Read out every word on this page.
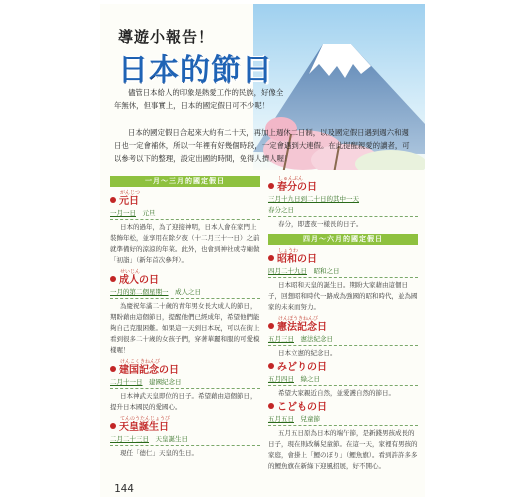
導遊小報告！
日本的節日

儘管日本給人的印象是熱愛工作的民族，好像全年無休，但事實上，日本的國定假日可不少呢！

日本的國定假日合起來大約有二十天，再加上週休二日制，以及國定假日遇到週六和週日也一定會補休，所以一年裡有好幾個時段，一定會遇到大連假。在此提醒親愛的讀者，可以參考以下的整理，設定出國的時間，免得人擠人喔！

一月～三月的國定假日
がんじつ
元日
一月一日　 元旦
日本的過年，為了迎接神明，日本人會在家門上裝飾年松，並享用在除夕夜（十二月三十一日）之前就準備好的涼涼的年菜。此外，也會到神社或寺廟做「初詣」（新年首次參拜）。
せいじん
成人の日
一月的第二個星期一　 成人之日
為慶祝年滿二十歲的青年男女長大成人的節日，期盼藉由這個節日，提醒他們已經成年，希望他們能夠自己克服困難。如果這一天到日本玩，可以在街上看到很多二十歲的女孩子們，穿著華麗和服的可愛模樣喔！
けんこくきねんび
建国記念の日
二月十一日　 建國紀念日
日本神武天皇即位的日子。希望藉由這個節日，提升日本國民的愛國心。
てんのうたんじょうび
天皇誕生日
二月二十三日　 天皇誕生日
現任「德仁」天皇的生日。
しゅんぶん
春分の日
三月十九日到二十日的其中一天
春分之日
春分，即晝夜一樣長的日子。
四月～六月的國定假日
しょうわ
昭和の日
四月二十九日　 昭和之日
日本昭和天皇的誕生日。期盼大家藉由這個日子，回想昭和時代一路成為強國的昭和時代，並為國家的未來而努力。
けんぽうきねんび
憲法記念日
五月三日　 憲法紀念日
日本立憲的紀念日。
みどりの日
五月四日　 綠之日
希望大家親近自然，並愛護自然的節日。
こどもの日
五月五日　 兒童節
五月五日原為日本的端午節，是新錢男孩成長的日子，現在則改稱兒童節。在這一天，家裡有男孩的家庭，會掛上「鯉のぼり」（鯉魚旗）。看到許許多多的鯉魚旗在新綠下迎風招展，好不開心。
144
